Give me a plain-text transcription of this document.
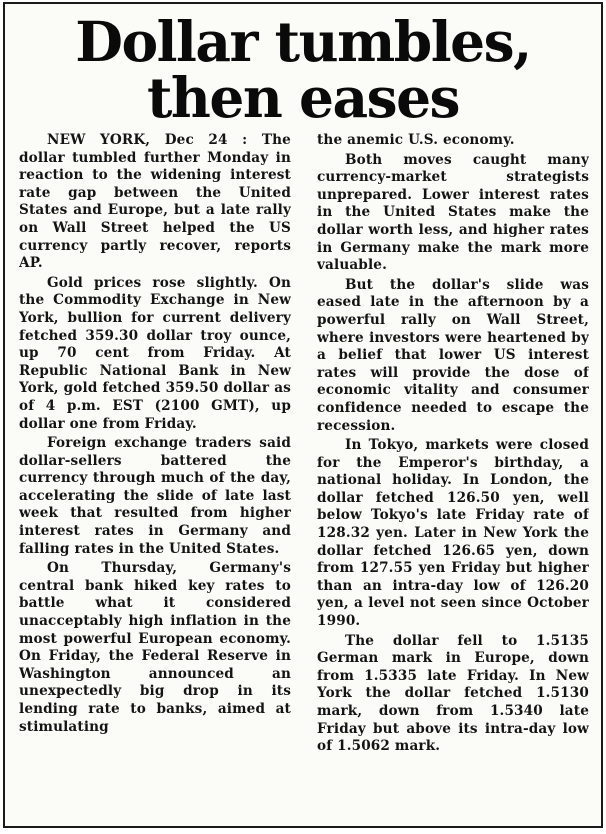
Dollar tumbles,
then eases

NEW YORK, Dec 24 : The dollar tumbled further Monday in reaction to the widening interest rate gap between the United States and Europe, but a late rally on Wall Street helped the US currency partly recover, reports AP.

Gold prices rose slightly. On the Commodity Exchange in New York, bullion for current delivery fetched 359.30 dollar troy ounce, up 70 cent from Friday. At Republic National Bank in New York, gold fetched 359.50 dollar as of 4 p.m. EST (2100 GMT), up dollar one from Friday.

Foreign exchange traders said dollar-sellers battered the currency through much of the day, accelerating the slide of late last week that resulted from higher interest rates in Germany and falling rates in the United States.

On Thursday, Germany's central bank hiked key rates to battle what it considered unacceptably high inflation in the most powerful European economy. On Friday, the Federal Reserve in Washington announced an unexpectedly big drop in its lending rate to banks, aimed at stimulating

the anemic U.S. economy.

Both moves caught many currency-market strategists unprepared. Lower interest rates in the United States make the dollar worth less, and higher rates in Germany make the mark more valuable.

But the dollar's slide was eased late in the afternoon by a powerful rally on Wall Street, where investors were heartened by a belief that lower US interest rates will provide the dose of economic vitality and consumer confidence needed to escape the recession.

In Tokyo, markets were closed for the Emperor's birthday, a national holiday. In London, the dollar fetched 126.50 yen, well below Tokyo's late Friday rate of 128.32 yen. Later in New York the dollar fetched 126.65 yen, down from 127.55 yen Friday but higher than an intra-day low of 126.20 yen, a level not seen since October 1990.

The dollar fell to 1.5135 German mark in Europe, down from 1.5335 late Friday. In New York the dollar fetched 1.5130 mark, down from 1.5340 late Friday but above its intra-day low of 1.5062 mark.
